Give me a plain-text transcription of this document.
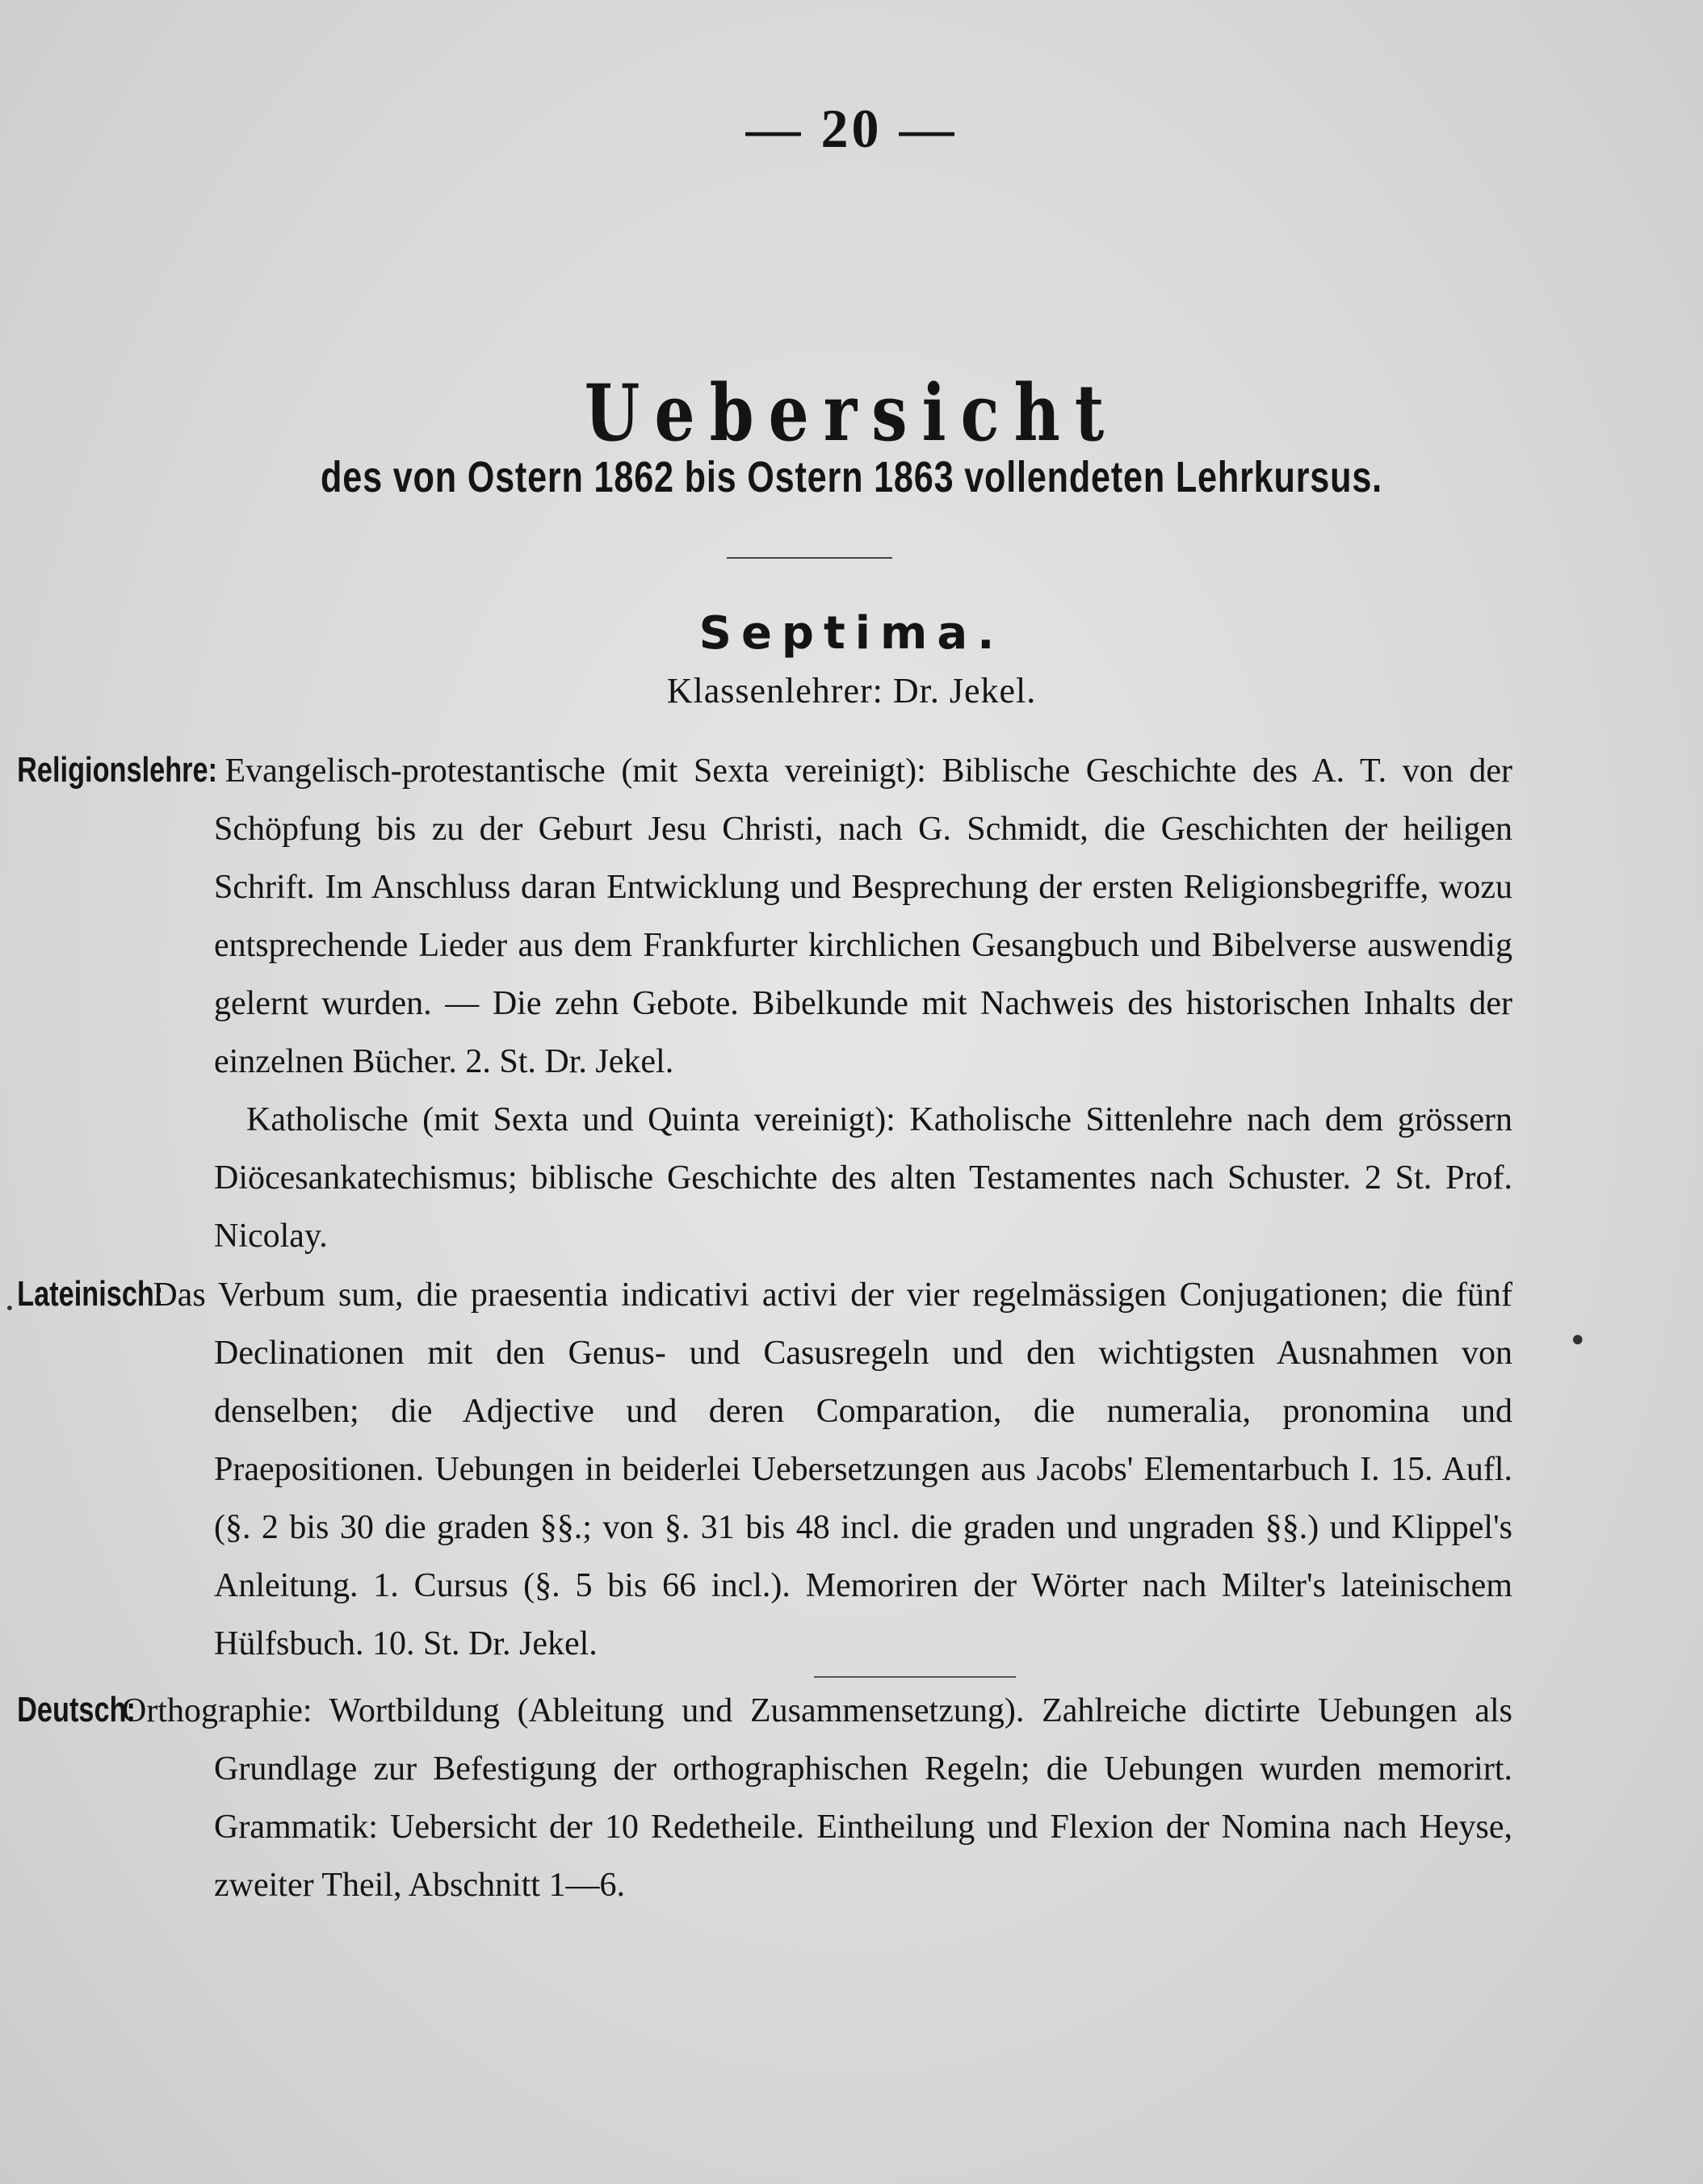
— 20 —
Uebersicht
des von Ostern 1862 bis Ostern 1863 vollendeten Lehrkursus.
Septima.
Klassenlehrer: Dr. Jekel.

Religionslehre: Evangelisch-protestantische (mit Sexta vereinigt): Biblische Geschichte des A. T. von der Schöpfung bis zu der Geburt Jesu Christi, nach G. Schmidt, die Geschichten der heiligen Schrift. Im Anschluss daran Entwicklung und Besprechung der ersten Religionsbegriffe, wozu entsprechende Lieder aus dem Frankfurter kirchlichen Gesangbuch und Bibelverse auswendig gelernt wurden. — Die zehn Gebote. Bibelkunde mit Nachweis des historischen Inhalts der einzelnen Bücher. 2. St. Dr. Jekel.

Katholische (mit Sexta und Quinta vereinigt): Katholische Sittenlehre nach dem grössern Diöcesankatechismus; biblische Geschichte des alten Testamentes nach Schuster. 2 St. Prof. Nicolay.

Lateinisch: Das Verbum sum, die praesentia indicativi activi der vier regelmässigen Conjugationen; die fünf Declinationen mit den Genus- und Casusregeln und den wichtigsten Ausnahmen von denselben; die Adjective und deren Comparation, die numeralia, pronomina und Praepositionen. Uebungen in beiderlei Uebersetzungen aus Jacobs' Elementarbuch I. 15. Aufl. (§. 2 bis 30 die graden §§.; von §. 31 bis 48 incl. die graden und ungraden §§.) und Klippel's Anleitung. 1. Cursus (§. 5 bis 66 incl.). Memoriren der Wörter nach Milter's lateinischem Hülfsbuch. 10. St. Dr. Jekel.

Deutsch: Orthographie: Wortbildung (Ableitung und Zusammensetzung). Zahlreiche dictirte Uebungen als Grundlage zur Befestigung der orthographischen Regeln; die Uebungen wurden memorirt. Grammatik: Uebersicht der 10 Redetheile. Eintheilung und Flexion der Nomina nach Heyse, zweiter Theil, Abschnitt 1—6.

•
•
